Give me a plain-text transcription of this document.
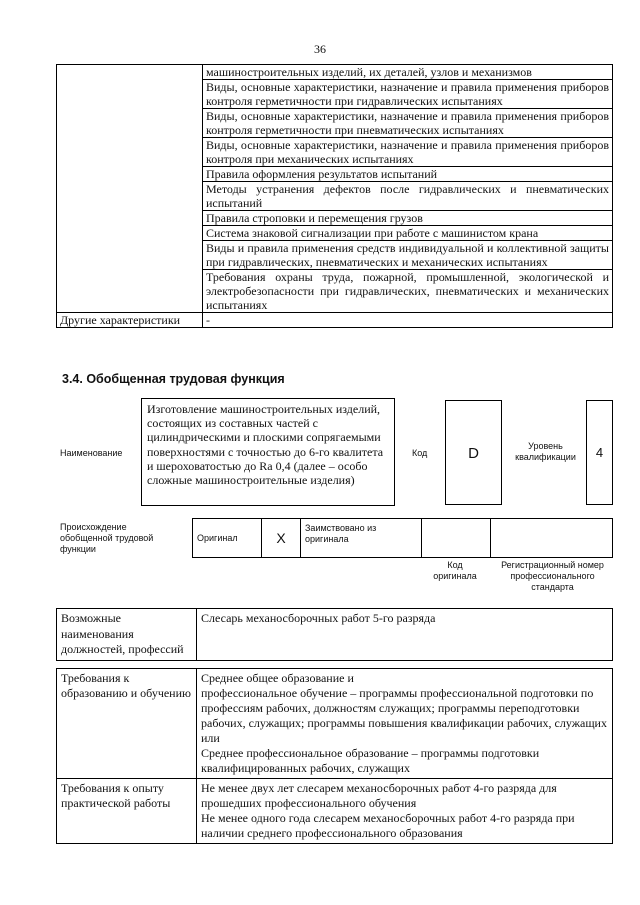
36
	машиностроительных изделий, их деталей, узлов и механизмов
	Виды, основные характеристики, назначение и правила применения приборов контроля герметичности при гидравлических испытаниях
	Виды, основные характеристики, назначение и правила применения приборов контроля герметичности при пневматических испытаниях
	Виды, основные характеристики, назначение и правила применения приборов контроля при механических испытаниях
	Правила оформления результатов испытаний
	Методы устранения дефектов после гидравлических и пневматических испытаний
	Правила строповки и перемещения грузов
	Система знаковой сигнализации при работе с машинистом крана
	Виды и правила применения средств индивидуальной и коллективной защиты при гидравлических, пневматических и механических испытаниях
	Требования охраны труда, пожарной, промышленной, экологической и электробезопасности при гидравлических, пневматических и механических испытаниях
Другие характеристики	-
3.4. Обобщенная трудовая функция
Наименование
Изготовление машиностроительных изделий, состоящих из составных частей с цилиндрическими и плоскими сопрягаемыми поверхностями с точностью до 6-го квалитета и шероховатостью до Ra 0,4 (далее – особо сложные машиностроительные изделия)
Код	D	Уровень квалификации	4
Происхождение обобщенной трудовой функции
Оригинал	X	Заимствовано из оригинала		
Код оригинала
Регистрационный номер профессионального стандарта
Возможные наименования должностей, профессий	Слесарь механосборочных работ 5-го разряда
Требования к образованию и обучению	Среднее общее образование и
профессиональное обучение – программы профессиональной подготовки по профессиям рабочих, должностям служащих; программы переподготовки рабочих, служащих; программы повышения квалификации рабочих, служащих
или
Среднее профессиональное образование – программы подготовки квалифицированных рабочих, служащих

Требования к опыту практической работы	Не менее двух лет слесарем механосборочных работ 4-го разряда для прошедших профессионального обучения
Не менее одного года слесарем механосборочных работ 4-го разряда при наличии среднего профессионального образования
